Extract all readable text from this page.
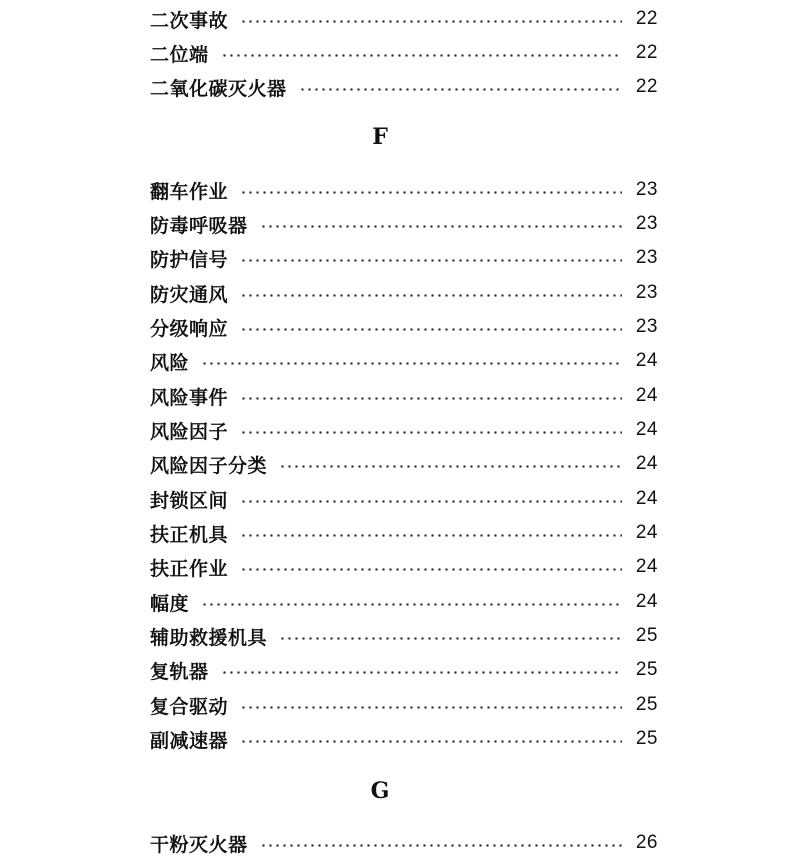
二次事故	22
二位端	22
二氧化碳灭火器	22
F
翻车作业	23
防毒呼吸器	23
防护信号	23
防灾通风	23
分级响应	23
风险	24
风险事件	24
风险因子	24
风险因子分类	24
封锁区间	24
扶正机具	24
扶正作业	24
幅度	24
辅助救援机具	25
复轨器	25
复合驱动	25
副减速器	25
G
干粉灭火器	26
